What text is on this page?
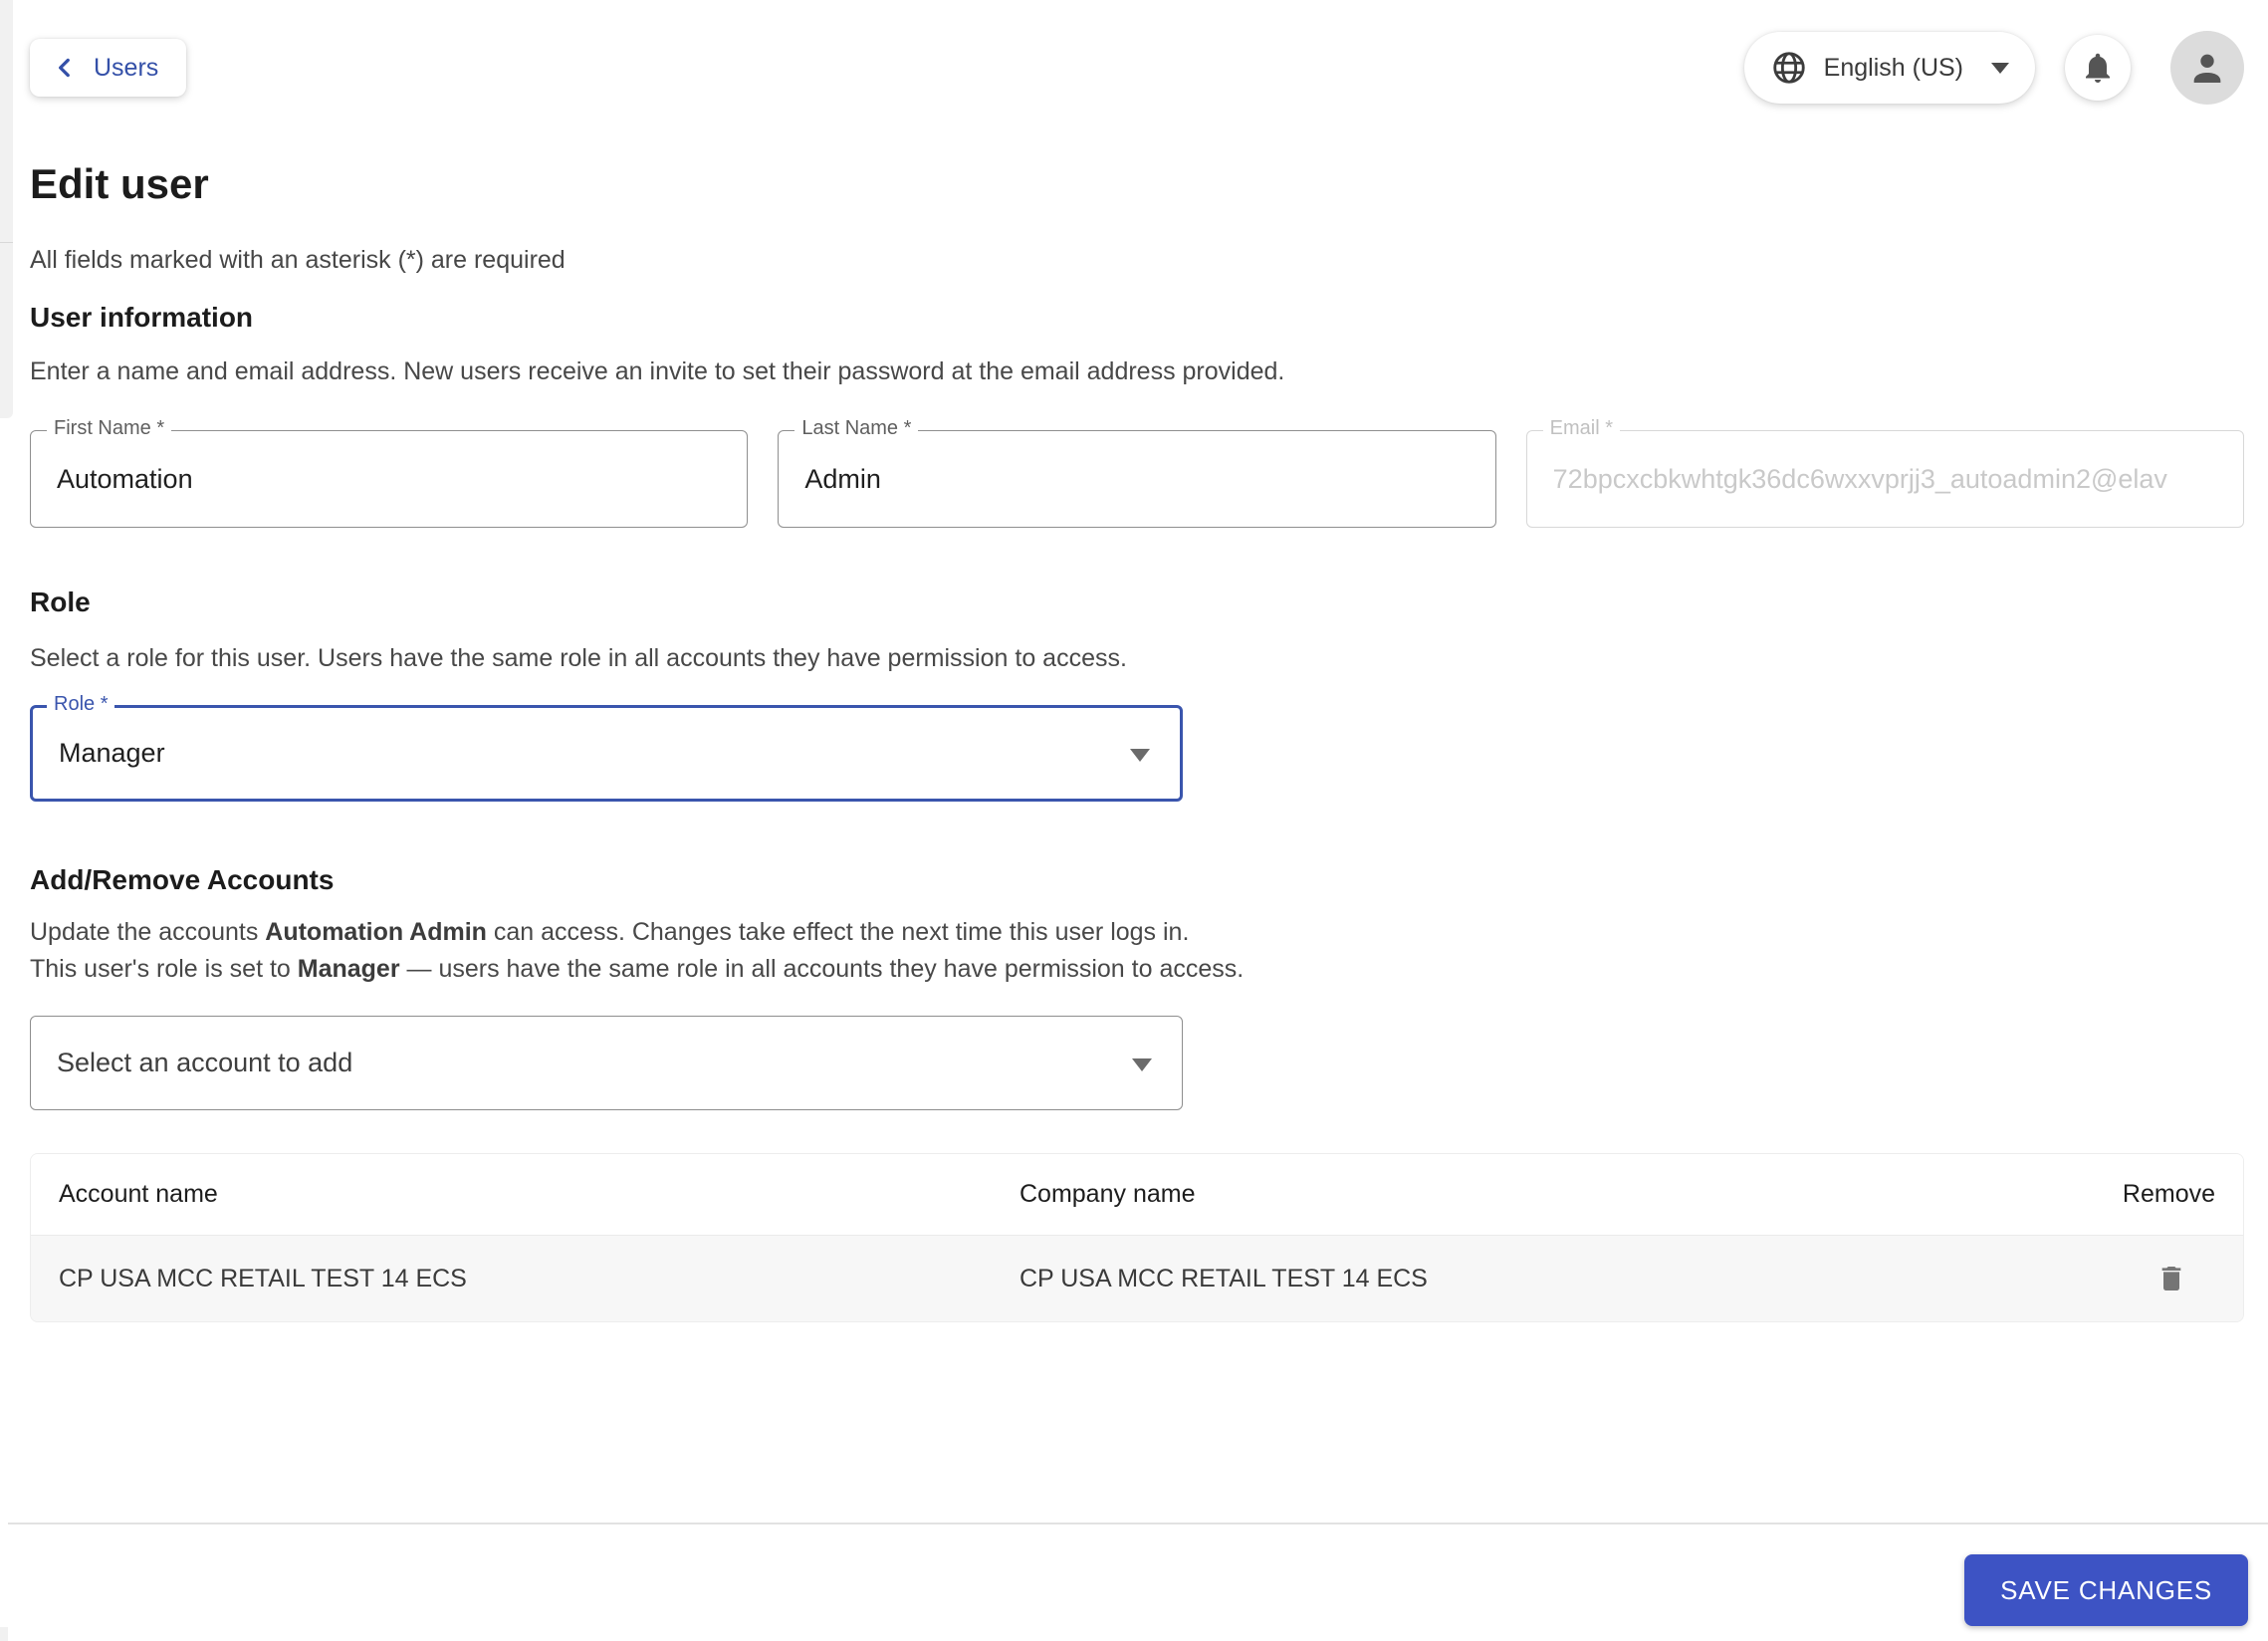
Users	English (US)
Edit user

All fields marked with an asterisk (*) are required

User information

Enter a name and email address. New users receive an invite to set their password at the email address provided.

First Name *
Automation
Last Name *
Admin
Email *
72bpcxcbkwhtgk36dc6wxxvprjj3_autoadmin2@elav
Role

Select a role for this user. Users have the same role in all accounts they have permission to access.

Role *
Manager
Add/Remove Accounts

Update the accounts Automation Admin can access. Changes take effect the next time this user logs in.

This user's role is set to Manager — users have the same role in all accounts they have permission to access.

Select an account to add
Account name	Company name	Remove
CP USA MCC RETAIL TEST 14 ECS	CP USA MCC RETAIL TEST 14 ECS
SAVE CHANGES
